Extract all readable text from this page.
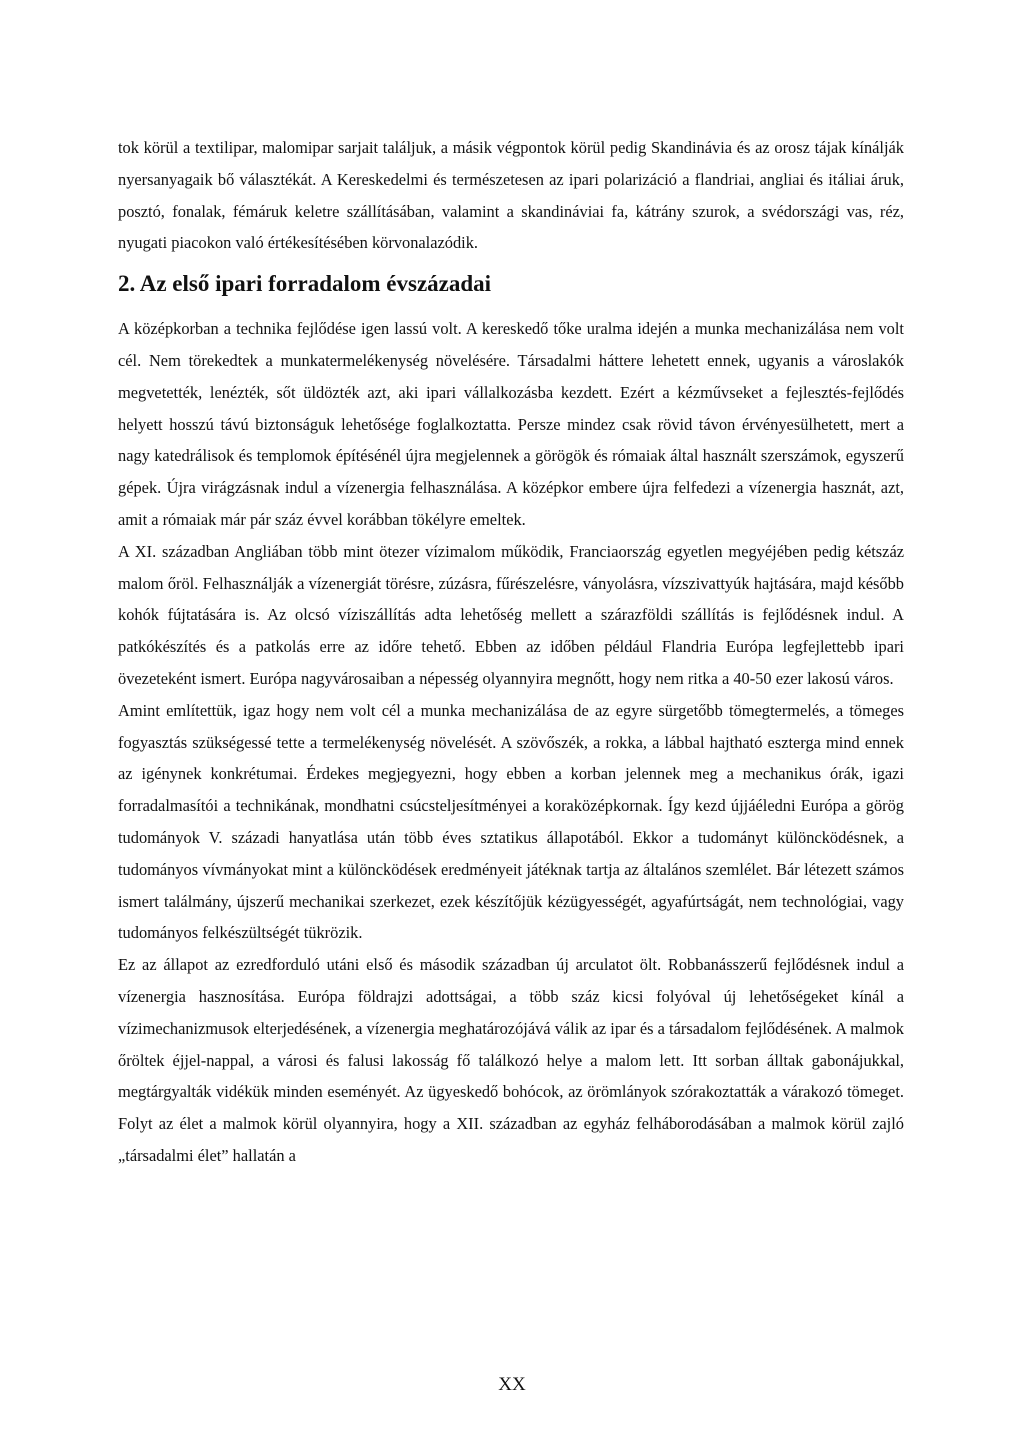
tok körül a textilipar, malomipar sarjait találjuk, a másik végpontok körül pedig Skandinávia és az orosz tájak kínálják nyersanyagaik bő választékát. A Kereskedelmi és természetesen az ipari polarizáció a flandriai, angliai és itáliai áruk, posztó, fonalak, fémáruk keletre szállításában, valamint a skandináviai fa, kátrány szurok, a svédországi vas, réz, nyugati piacokon való értékesítésében körvonalazódik.

2. Az első ipari forradalom évszázadai

A középkorban a technika fejlődése igen lassú volt. A kereskedő tőke uralma idején a munka mechanizálása nem volt cél. Nem törekedtek a munkatermelékenység növelésére. Társadalmi háttere lehetett ennek, ugyanis a városlakók megvetették, lenézték, sőt üldözték azt, aki ipari vállalkozásba kezdett. Ezért a kézművseket a fejlesztés-fejlődés helyett hosszú távú biztonságuk lehetősége foglalkoztatta. Persze mindez csak rövid távon érvényesülhetett, mert a nagy katedrálisok és templomok építésénél újra megjelennek a görögök és rómaiak által használt szerszámok, egyszerű gépek. Újra virágzásnak indul a vízenergia felhasználása. A középkor embere újra felfedezi a vízenergia hasznát, azt, amit a rómaiak már pár száz évvel korábban tökélyre emeltek.

A XI. században Angliában több mint ötezer vízimalom működik, Franciaország egyetlen megyéjében pedig kétszáz malom őröl. Felhasználják a vízenergiát törésre, zúzásra, fűrészelésre, ványolásra, vízszivattyúk hajtására, majd később kohók fújtatására is. Az olcsó víziszállítás adta lehetőség mellett a szárazföldi szállítás is fejlődésnek indul. A patkókészítés és a patkolás erre az időre tehető. Ebben az időben például Flandria Európa legfejlettebb ipari övezeteként ismert. Európa nagyvárosaiban a népesség olyannyira megnőtt, hogy nem ritka a 40-50 ezer lakosú város.

Amint említettük, igaz hogy nem volt cél a munka mechanizálása de az egyre sürgetőbb tömegtermelés, a tömeges fogyasztás szükségessé tette a termelékenység növelését. A szövőszék, a rokka, a lábbal hajtható eszterga mind ennek az igénynek konkrétumai. Érdekes megjegyezni, hogy ebben a korban jelennek meg a mechanikus órák, igazi forradalmasítói a technikának, mondhatni csúcsteljesítményei a koraközépkornak. Így kezd újjáéledni Európa a görög tudományok V. századi hanyatlása után több éves sztatikus állapotából. Ekkor a tudományt különcködésnek, a tudományos vívmányokat mint a különcködések eredményeit játéknak tartja az általános szemlélet. Bár létezett számos ismert találmány, újszerű mechanikai szerkezet, ezek készítőjük kézügyességét, agyafúrtságát, nem technológiai, vagy tudományos felkészültségét tükrözik.

Ez az állapot az ezredforduló utáni első és második században új arculatot ölt. Robbanásszerű fejlődésnek indul a vízenergia hasznosítása. Európa földrajzi adottságai, a több száz kicsi folyóval új lehetőségeket kínál a vízimechanizmusok elterjedésének, a vízenergia meghatározójává válik az ipar és a társadalom fejlődésének. A malmok őröltek éjjel-nappal, a városi és falusi lakosság fő találkozó helye a malom lett. Itt sorban álltak gabonájukkal, megtárgyalták vidékük minden eseményét. Az ügyeskedő bohócok, az örömlányok szórakoztatták a várakozó tömeget. Folyt az élet a malmok körül olyannyira, hogy a XII. században az egyház felháborodásában a malmok körül zajló „társadalmi élet” hallatán a

XX
